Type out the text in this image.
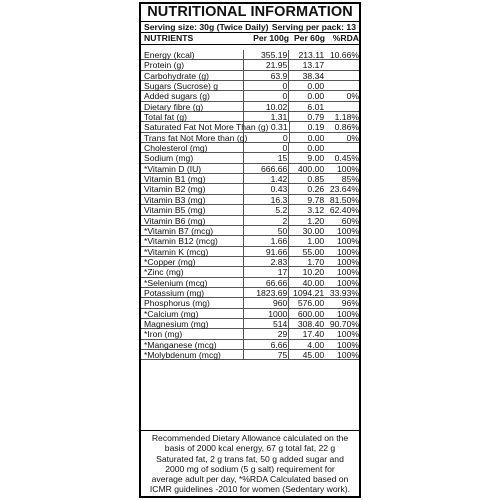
NUTRITIONAL INFORMATION
Serving size: 30g (Twice Daily) Serving per pack: 13
NUTRIENTS	Per 100g Per 60g %RDA
Energy (kcal)	355.19	213.11 10.66%
Protein (g)	21.95	13.17
Carbohydrate (g)	63.9	38.34
Sugars (Sucrose) g	0	0.00
Added sugars (g)	0	0.00	0%
Dietary fibre (g)	10.02	6.01
Total fat (g)	1.31	0.79	1.18%
Saturated Fat Not More Than (g) 0.31	0.19	0.86%
Trans fat Not More than (g)	0	0.00	0%
Cholesterol (mg)	0	0.00
Sodium (mg)	15	9.00	0.45%
*Vitamin D (IU)	666.66	400.00	100%
Vitamin B1 (mg)	1.42	0.85	85%
Vitamin B2 (mg)	0.43	0.26 23.64%
Vitamin B3 (mg)	16.3	9.78 81.50%
Vitamin B5 (mg)	5.2	3.12 62.40%
Vitamin B6 (mg)	2	1.20	60%
*Vitamin B7 (mcg)	50	30.00	100%
*Vitamin B12 (mcg)	1.66	1.00	100%
*Vitamin K (mcg)	91.66	55.00	100%
*Copper (mg)	2.83	1.70	100%
*Zinc (mg)	17	10.20	100%
*Selenium (mcg)	66.66	40.00	100%
Potassium (mg)	1823.69 1094.21 33.93%
Phosphorus (mg)	960	576.00	96%
*Calcium (mg)	1000	600.00	100%
Magnesium (mg)	514	308.40 90.70%
*Iron (mg)	29	17.40	100%
*Manganese (mcg)	6.66	4.00	100%
*Molybdenum (mcg)	75	45.00	100%
Recommended Dietary Allowance calculated on the
basis of 2000 kcal energy, 67 g total fat, 22 g
Saturated fat, 2 g trans fat, 50 g added sugar and
2000 mg of sodium (5 g salt) requirement for
average adult per day, *%RDA Calculated based on
ICMR guidelines -2010 for women (Sedentary work).
